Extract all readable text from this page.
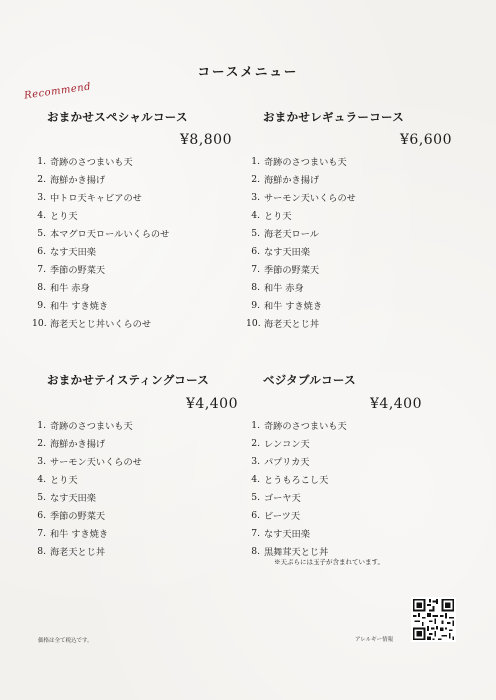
コースメニュー
Recommend
おまかせスペシャルコース
¥8,800
1. 奇跡のさつまいも天
2. 海鮮かき揚げ
3. 中トロ天キャビアのせ
4. とり天
5. 本マグロ天ロールいくらのせ
6. なす天田楽
7. 季節の野菜天
8. 和牛 赤身
9. 和牛 すき焼き
10. 海老天とじ丼いくらのせ
おまかせレギュラーコース
¥6,600
1. 奇跡のさつまいも天
2. 海鮮かき揚げ
3. サーモン天いくらのせ
4. とり天
5. 海老天ロール
6. なす天田楽
7. 季節の野菜天
8. 和牛 赤身
9. 和牛 すき焼き
10. 海老天とじ丼
おまかせテイスティングコース
¥4,400
1. 奇跡のさつまいも天
2. 海鮮かき揚げ
3. サーモン天いくらのせ
4. とり天
5. なす天田楽
6. 季節の野菜天
7. 和牛 すき焼き
8. 海老天とじ丼
ベジタブルコース
¥4,400
1. 奇跡のさつまいも天
2. レンコン天
3. パプリカ天
4. とうもろこし天
5. ゴーヤ天
6. ビーツ天
7. なす天田楽
8. 黒舞茸天とじ丼
※天ぷらには玉子が含まれています。
価格は全て税込です。	アレルギー情報
